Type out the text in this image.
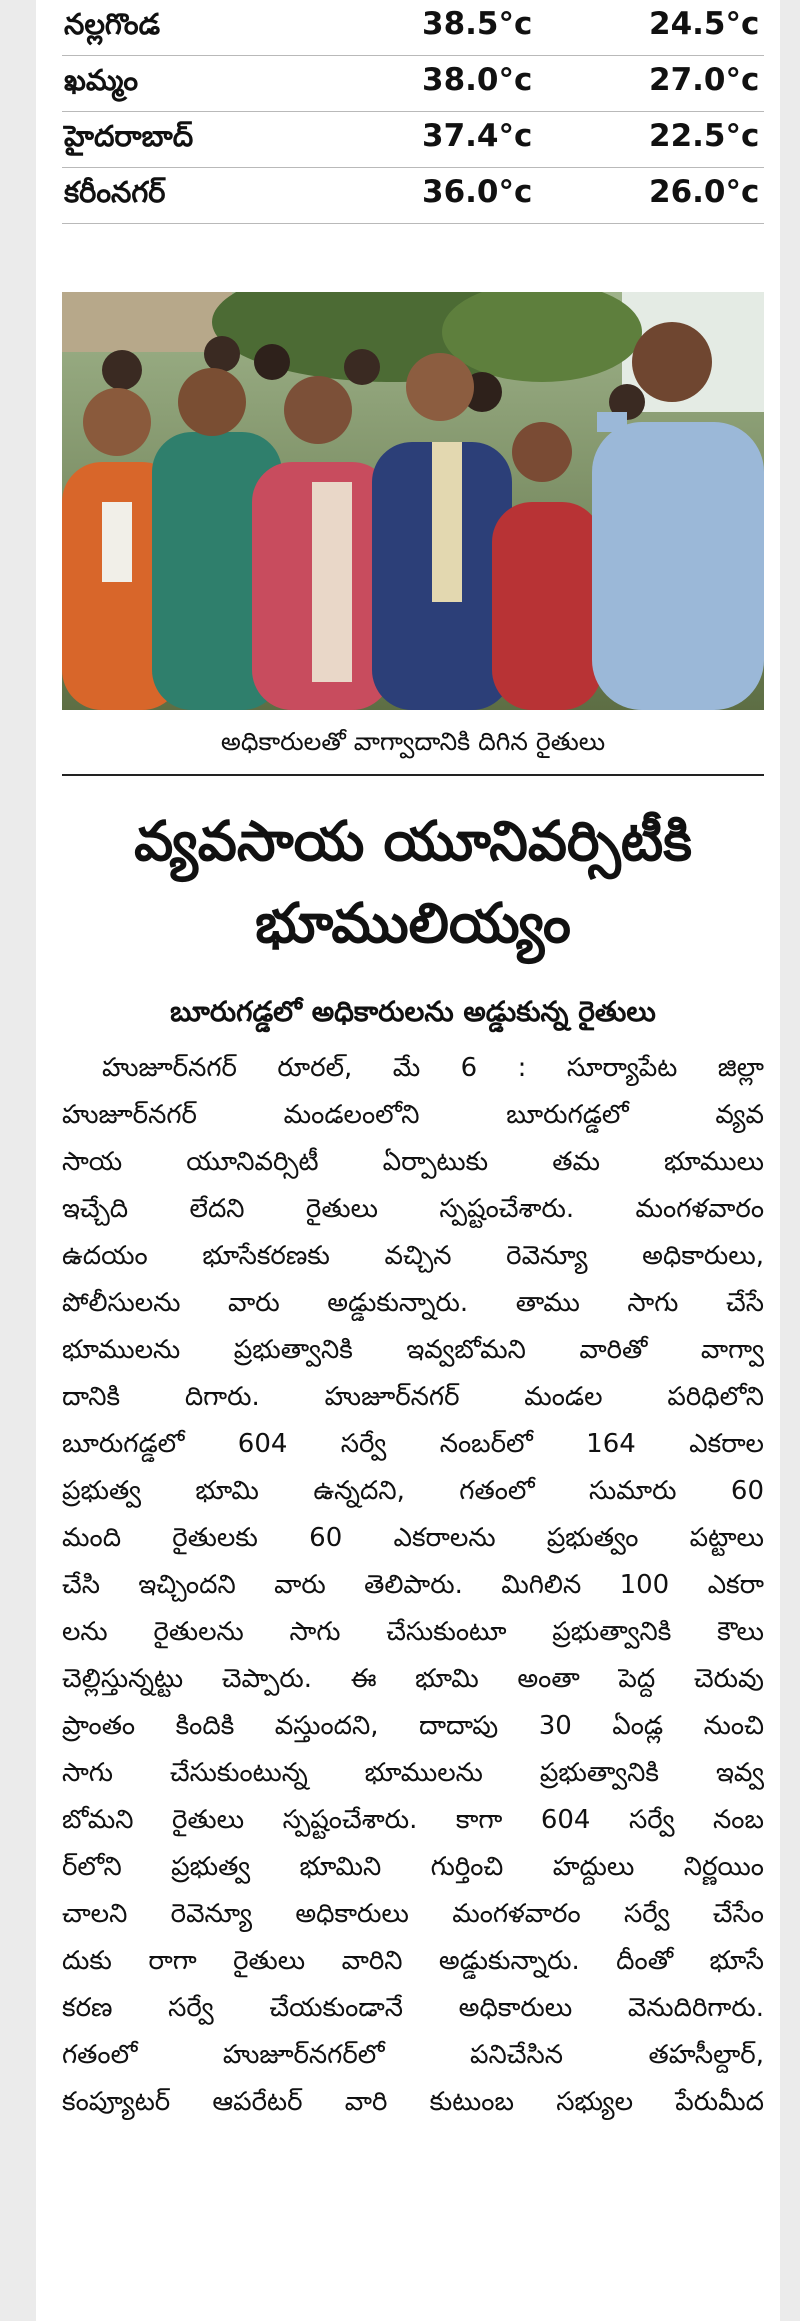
నల్లగొండ	38.5°c	24.5°c
ఖమ్మం	38.0°c	27.0°c
హైదరాబాద్	37.4°c	22.5°c
కరీంనగర్	36.0°c	26.0°c
అధికారులతో వాగ్వాదానికి దిగిన రైతులు
వ్యవసాయ యూనివర్సిటీకి భూములియ్యం
బూరుగడ్డలో అధికారులను అడ్డుకున్న రైతులు
హుజూర్‌నగర్ రూరల్, మే 6 : సూర్యాపేట జిల్లా
హుజూర్‌నగర్ మండలంలోని బూరుగడ్డలో వ్యవ
సాయ యూనివర్సిటీ ఏర్పాటుకు తమ భూములు
ఇచ్చేది లేదని రైతులు స్పష్టంచేశారు. మంగళవారం
ఉదయం భూసేకరణకు వచ్చిన రెవెన్యూ అధికారులు,
పోలీసులను వారు అడ్డుకున్నారు. తాము సాగు చేసే
భూములను ప్రభుత్వానికి ఇవ్వబోమని వారితో వాగ్వా
దానికి దిగారు. హుజూర్‌నగర్ మండల పరిధిలోని
బూరుగడ్డలో 604 సర్వే నంబర్‌లో 164 ఎకరాల
ప్రభుత్వ భూమి ఉన్నదని, గతంలో సుమారు 60
మంది రైతులకు 60 ఎకరాలను ప్రభుత్వం పట్టాలు
చేసి ఇచ్చిందని వారు తెలిపారు. మిగిలిన 100 ఎకరా
లను రైతులను సాగు చేసుకుంటూ ప్రభుత్వానికి కౌలు
చెల్లిస్తున్నట్టు చెప్పారు. ఈ భూమి అంతా పెద్ద చెరువు
ప్రాంతం కిందికి వస్తుందని, దాదాపు 30 ఏండ్ల నుంచి
సాగు చేసుకుంటున్న భూములను ప్రభుత్వానికి ఇవ్వ
బోమని రైతులు స్పష్టంచేశారు. కాగా 604 సర్వే నంబ
ర్‌లోని ప్రభుత్వ భూమిని గుర్తించి హద్దులు నిర్ణయిం
చాలని రెవెన్యూ అధికారులు మంగళవారం సర్వే చేసేం
దుకు రాగా రైతులు వారిని అడ్డుకున్నారు. దీంతో భూసే
కరణ సర్వే చేయకుండానే అధికారులు వెనుదిరిగారు.
గతంలో హుజూర్‌నగర్‌లో పనిచేసిన తహసీల్దార్,
కంప్యూటర్ ఆపరేటర్ వారి కుటుంబ సభ్యుల పేరుమీద
